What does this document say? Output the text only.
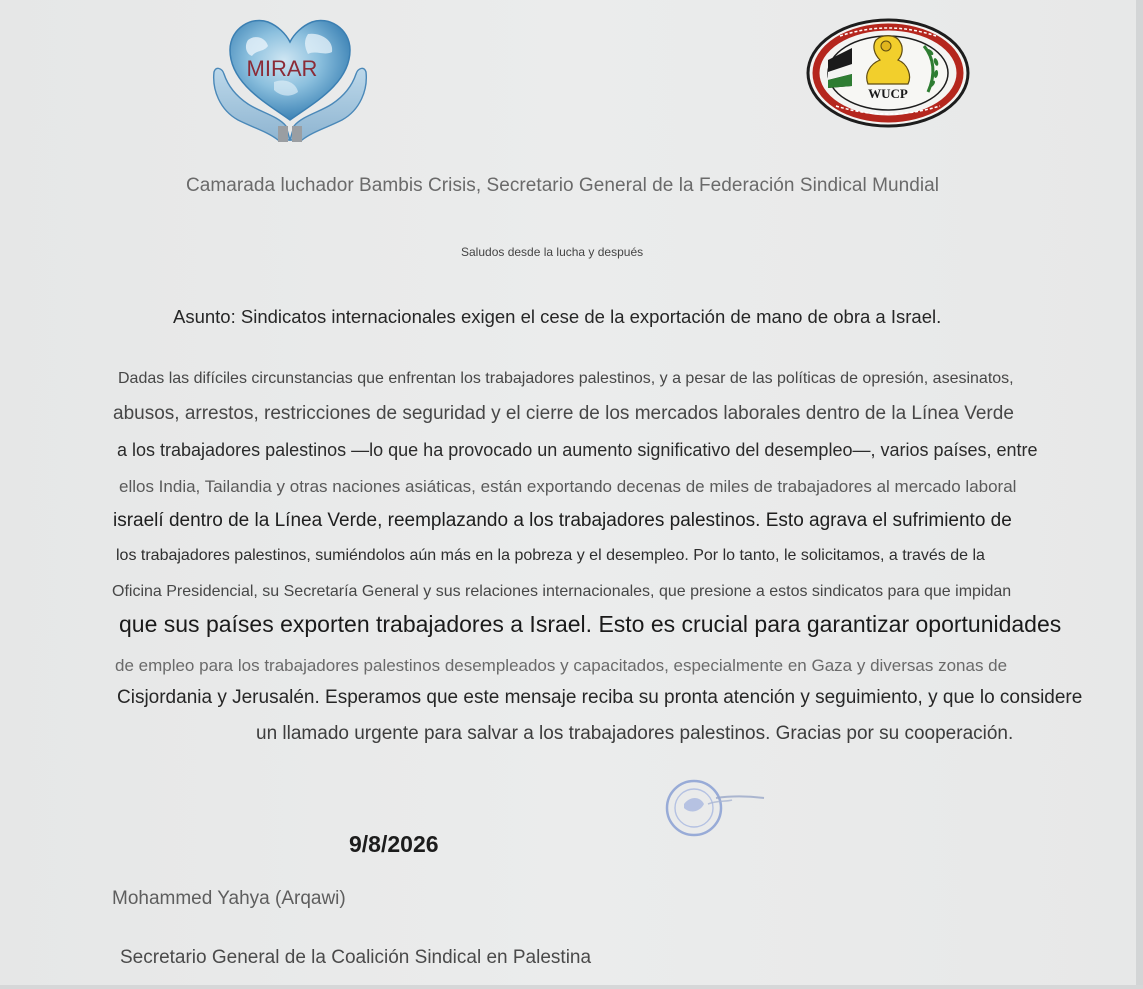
MIRAR
WUCP

Camarada luchador Bambis Crisis, Secretario General de la Federación Sindical Mundial

Saludos desde la lucha y después

Asunto: Sindicatos internacionales exigen el cese de la exportación de mano de obra a Israel.

Dadas las difíciles circunstancias que enfrentan los trabajadores palestinos, y a pesar de las políticas de opresión, asesinatos,

abusos, arrestos, restricciones de seguridad y el cierre de los mercados laborales dentro de la Línea Verde

a los trabajadores palestinos —lo que ha provocado un aumento significativo del desempleo—, varios países, entre

ellos India, Tailandia y otras naciones asiáticas, están exportando decenas de miles de trabajadores al mercado laboral

israelí dentro de la Línea Verde, reemplazando a los trabajadores palestinos. Esto agrava el sufrimiento de

los trabajadores palestinos, sumiéndolos aún más en la pobreza y el desempleo. Por lo tanto, le solicitamos, a través de la

Oficina Presidencial, su Secretaría General y sus relaciones internacionales, que presione a estos sindicatos para que impidan

que sus países exporten trabajadores a Israel. Esto es crucial para garantizar oportunidades

de empleo para los trabajadores palestinos desempleados y capacitados, especialmente en Gaza y diversas zonas de

Cisjordania y Jerusalén. Esperamos que este mensaje reciba su pronta atención y seguimiento, y que lo considere

un llamado urgente para salvar a los trabajadores palestinos. Gracias por su cooperación.

9/8/2026

Mohammed Yahya (Arqawi)

Secretario General de la Coalición Sindical en Palestina
